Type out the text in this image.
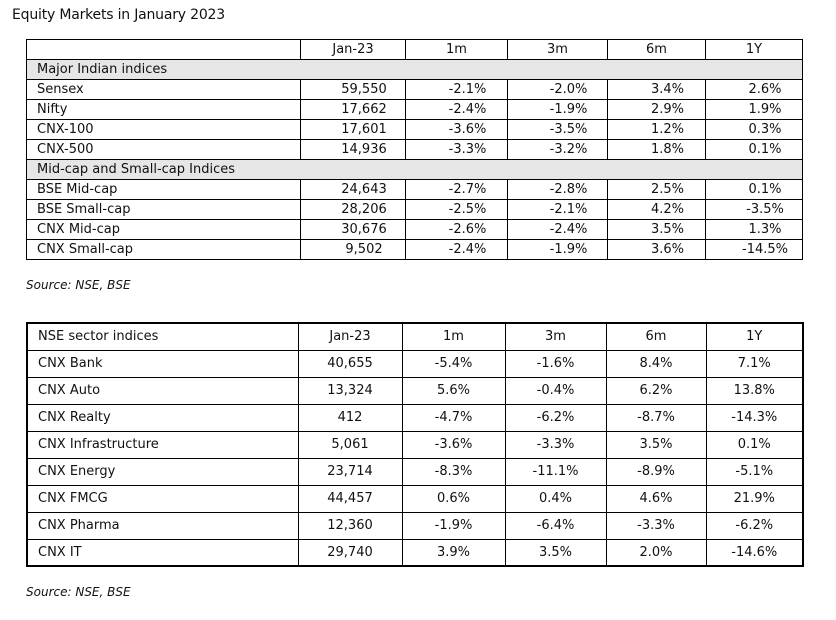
Equity Markets in January 2023
	Jan-23	1m	3m	6m	1Y
Major Indian indices					
Sensex	59,550	-2.1%	-2.0%	3.4%	2.6%
Nifty	17,662	-2.4%	-1.9%	2.9%	1.9%
CNX-100	17,601	-3.6%	-3.5%	1.2%	0.3%
CNX-500	14,936	-3.3%	-3.2%	1.8%	0.1%
Mid-cap and Small-cap Indices					
BSE Mid-cap	24,643	-2.7%	-2.8%	2.5%	0.1%
BSE Small-cap	28,206	-2.5%	-2.1%	4.2%	-3.5%
CNX Mid-cap	30,676	-2.6%	-2.4%	3.5%	1.3%
CNX Small-cap	9,502	-2.4%	-1.9%	3.6%	-14.5%
Source: NSE, BSE
NSE sector indices	Jan-23	1m	3m	6m	1Y
CNX Bank	40,655	-5.4%	-1.6%	8.4%	7.1%
CNX Auto	13,324	5.6%	-0.4%	6.2%	13.8%
CNX Realty	412	-4.7%	-6.2%	-8.7%	-14.3%
CNX Infrastructure	5,061	-3.6%	-3.3%	3.5%	0.1%
CNX Energy	23,714	-8.3%	-11.1%	-8.9%	-5.1%
CNX FMCG	44,457	0.6%	0.4%	4.6%	21.9%
CNX Pharma	12,360	-1.9%	-6.4%	-3.3%	-6.2%
CNX IT	29,740	3.9%	3.5%	2.0%	-14.6%
Source: NSE, BSE
